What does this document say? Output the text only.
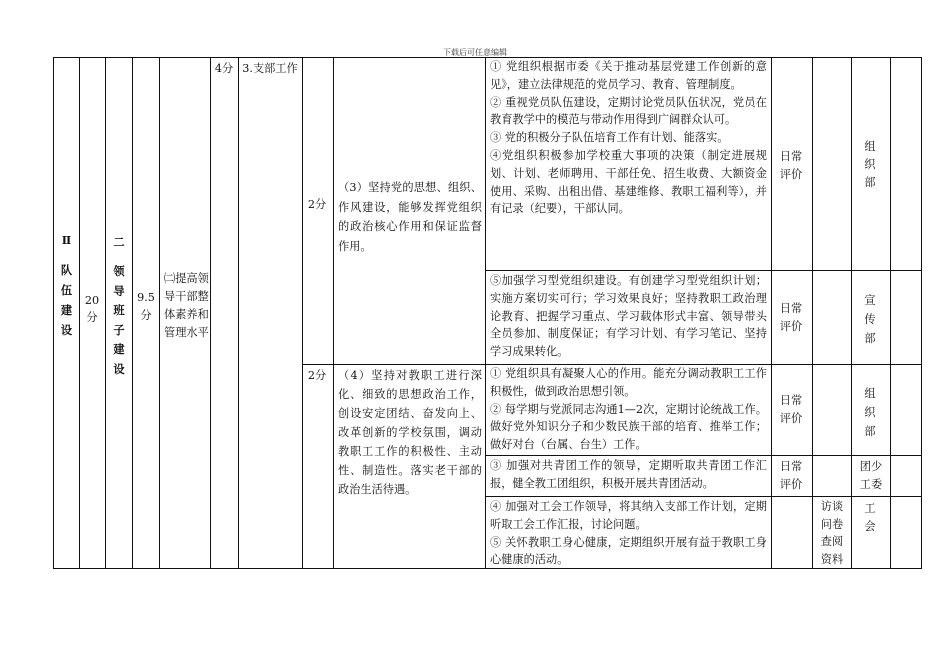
下载后可任意编辑
Ⅱ
队伍建设
20分
二
领导班子建设
9.5分
㈡提高领导干部整体素养和管理水平
4分 3.支部工作
2分
（3）坚持党的思想、组织、作风建设，能够发挥党组织的政治核心作用和保证监督作用。
① 党组织根据市委《关于推动基层党建工作创新的意见》，建立法律规范的党员学习、教育、管理制度。
② 重视党员队伍建设，定期讨论党员队伍状况，党员在教育教学中的模范与带动作用得到广阔群众认可。
③ 党的积极分子队伍培育工作有计划、能落实。
④党组织积极参加学校重大事项的决策（制定进展规划、计划、老师聘用、干部任免、招生收费、大额资金使用、采购、出租出借、基建维修、教职工福利等），并有记录（纪要），干部认同。
日常评价
组织部
⑤加强学习型党组织建设。有创建学习型党组织计划；实施方案切实可行；学习效果良好；坚持教职工政治理论教育、把握学习重点、学习载体形式丰富、领导带头全员参加、制度保证；有学习计划、有学习笔记、坚持学习成果转化。
日常评价
宣传部
2分 （4）坚持对教职工进行深化、细致的思想政治工作，创设安定团结、奋发向上、改革创新的学校氛围，调动教职工工作的积极性、主动性、制造性。落实老干部的政治生活待遇。
① 党组织具有凝聚人心的作用。能充分调动教职工工作积极性，做到政治思想引领。
② 每学期与党派同志沟通1—2次，定期讨论统战工作。做好党外知识分子和少数民族干部的培育、推举工作；做好对台（台属、台生）工作。
日常评价
组织部
③ 加强对共青团工作的领导，定期听取共青团工作汇报，健全教工团组织，积极开展共青团活动。
日常评价
团少工委
④ 加强对工会工作领导，将其纳入支部工作计划，定期听取工会工作汇报，讨论问题。
⑤ 关怀教职工身心健康，定期组织开展有益于教职工身心健康的活动。
访谈问卷查阅资料
工会
